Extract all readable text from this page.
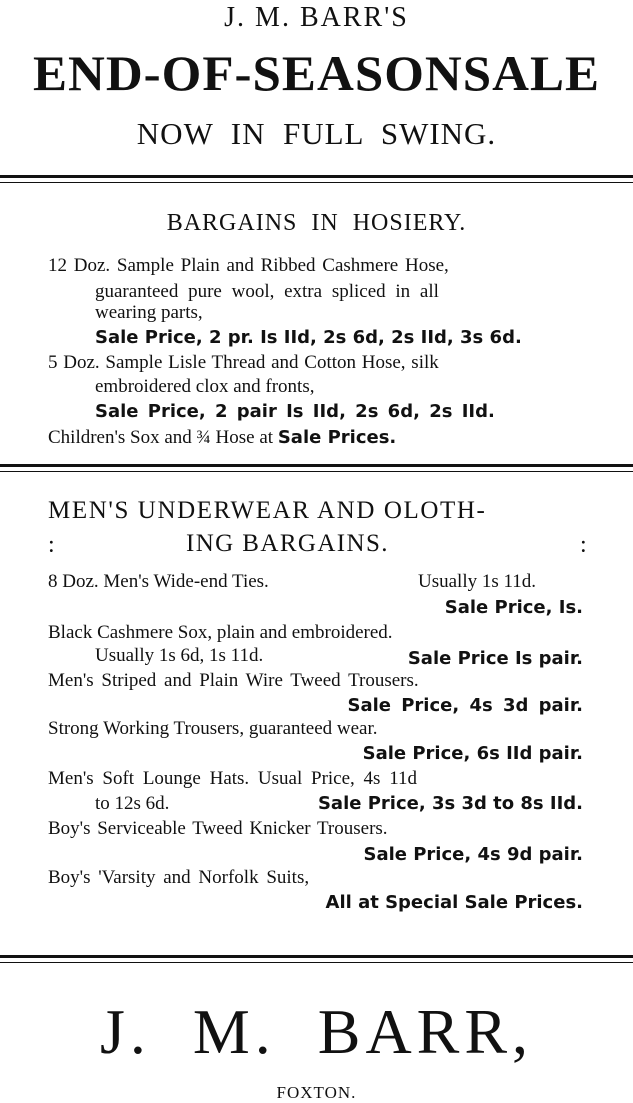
J. M. BARR'S
END-OF-SEASONSALE
NOW  IN  FULL  SWING.
BARGAINS  IN  HOSIERY.
12 Doz. Sample Plain and Ribbed Cashmere Hose,
guaranteed pure wool, extra spliced in all
wearing parts,
Sale Price, 2 pr. Is IId, 2s 6d, 2s IId, 3s 6d.
5 Doz. Sample Lisle Thread and Cotton Hose, silk
embroidered clox and fronts,
Sale Price, 2 pair Is IId, 2s 6d, 2s IId.
Children's Sox and ¾ Hose at Sale Prices.
MEN'S UNDERWEAR AND OLOTH-
:	ING BARGAINS.	:
8 Doz. Men's Wide-end Ties.	Usually 1s 11d.
Sale Price, Is.
Black Cashmere Sox, plain and embroidered.
Usually 1s 6d, 1s 11d.	Sale Price Is pair.
Men's Striped and Plain Wire Tweed Trousers.
Sale Price, 4s 3d pair.
Strong Working Trousers, guaranteed wear.
Sale Price, 6s IId pair.
Men's Soft Lounge Hats. Usual Price, 4s 11d
to 12s 6d.	Sale Price, 3s 3d to 8s IId.
Boy's Serviceable Tweed Knicker Trousers.
Sale Price, 4s 9d pair.
Boy's 'Varsity and Norfolk Suits,
All at Special Sale Prices.
J.  M.  BARR,
FOXTON.
